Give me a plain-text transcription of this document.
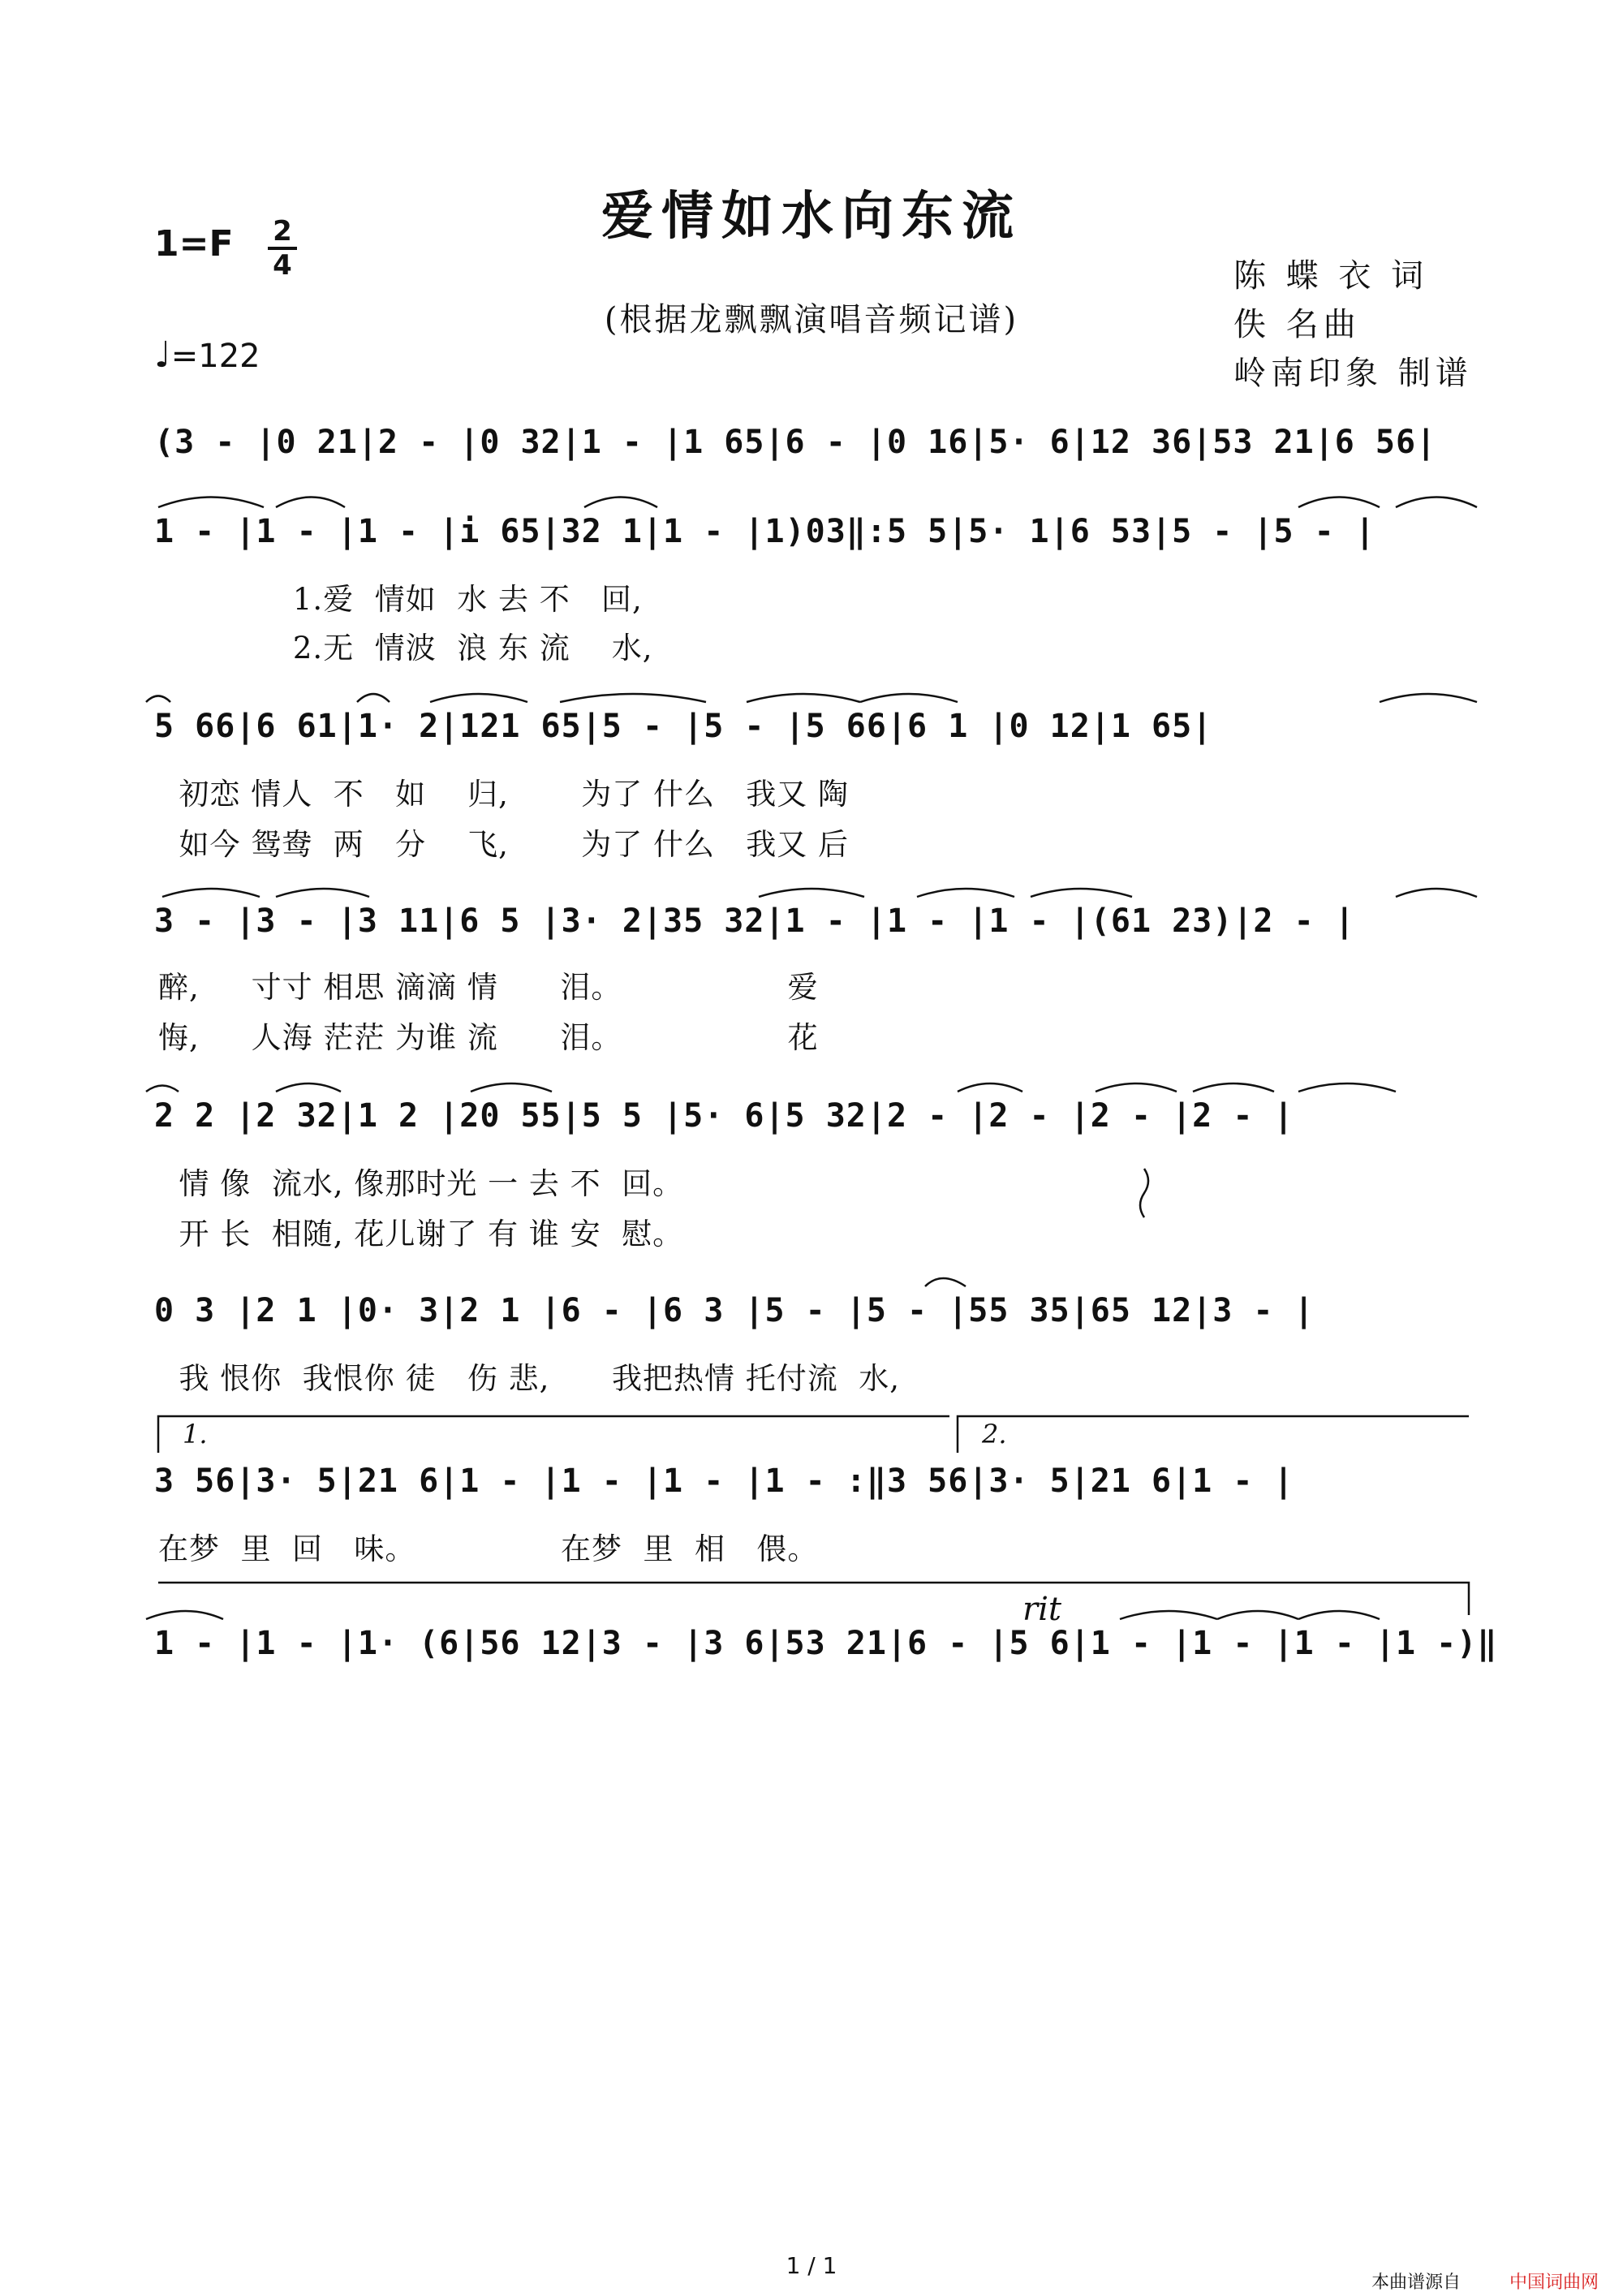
爱情如水向东流
1=F 2
4
♩=122
(根据龙飘飘演唱音频记谱)
陈 蝶 衣 词
佚 名曲
岭南印象 制谱
(3 - |0 21|2 - |0 32|1 - |1 65|6 - |0 16|5· 6|12 36|53 21|6 56|
1 - |1 - |1 - |i 65|32 1|1 - |1)03‖:5 5|5· 1|6 53|5 - |5 - |
1.爱  情如  水 去 不   回,
2.无  情波  浪 东 流    水,
5 66|6 61|1· 2|121 65|5 - |5 - |5 66|6 1 |0 12|1 65|
初恋 情人  不   如    归,       为了 什么   我又 陶
如今 鸳鸯  两   分    飞,       为了 什么   我又 后
3 - |3 - |3 11|6 5 |3· 2|35 32|1 - |1 - |1 - |(61 23)|2 - |
醉,     寸寸 相思 滴滴 情      泪。                爱
悔,     人海 茫茫 为谁 流      泪。                花
2 2 |2 32|1 2 |20 55|5 5 |5· 6|5 32|2 - |2 - |2 - |2 - |
情 像  流水, 像那时光 一 去 不  回。
开 长  相随, 花儿谢了 有 谁 安  慰。
0 3 |2 1 |0· 3|2 1 |6 - |6 3 |5 - |5 - |55 35|65 12|3 - |
我 恨你  我恨你 徒   伤 悲,      我把热情 托付流  水,
1.	2.
3 56|3· 5|21 6|1 - |1 - |1 - |1 - :‖3 56|3· 5|21 6|1 - |
在梦  里  回   味。              在梦  里  相   偎。
rit
1 - |1 - |1· (6|56 12|3 - |3 6|53 21|6 - |5 6|1 - |1 - |1 - |1 -)‖
1 / 1
本曲谱源自	中国词曲网
